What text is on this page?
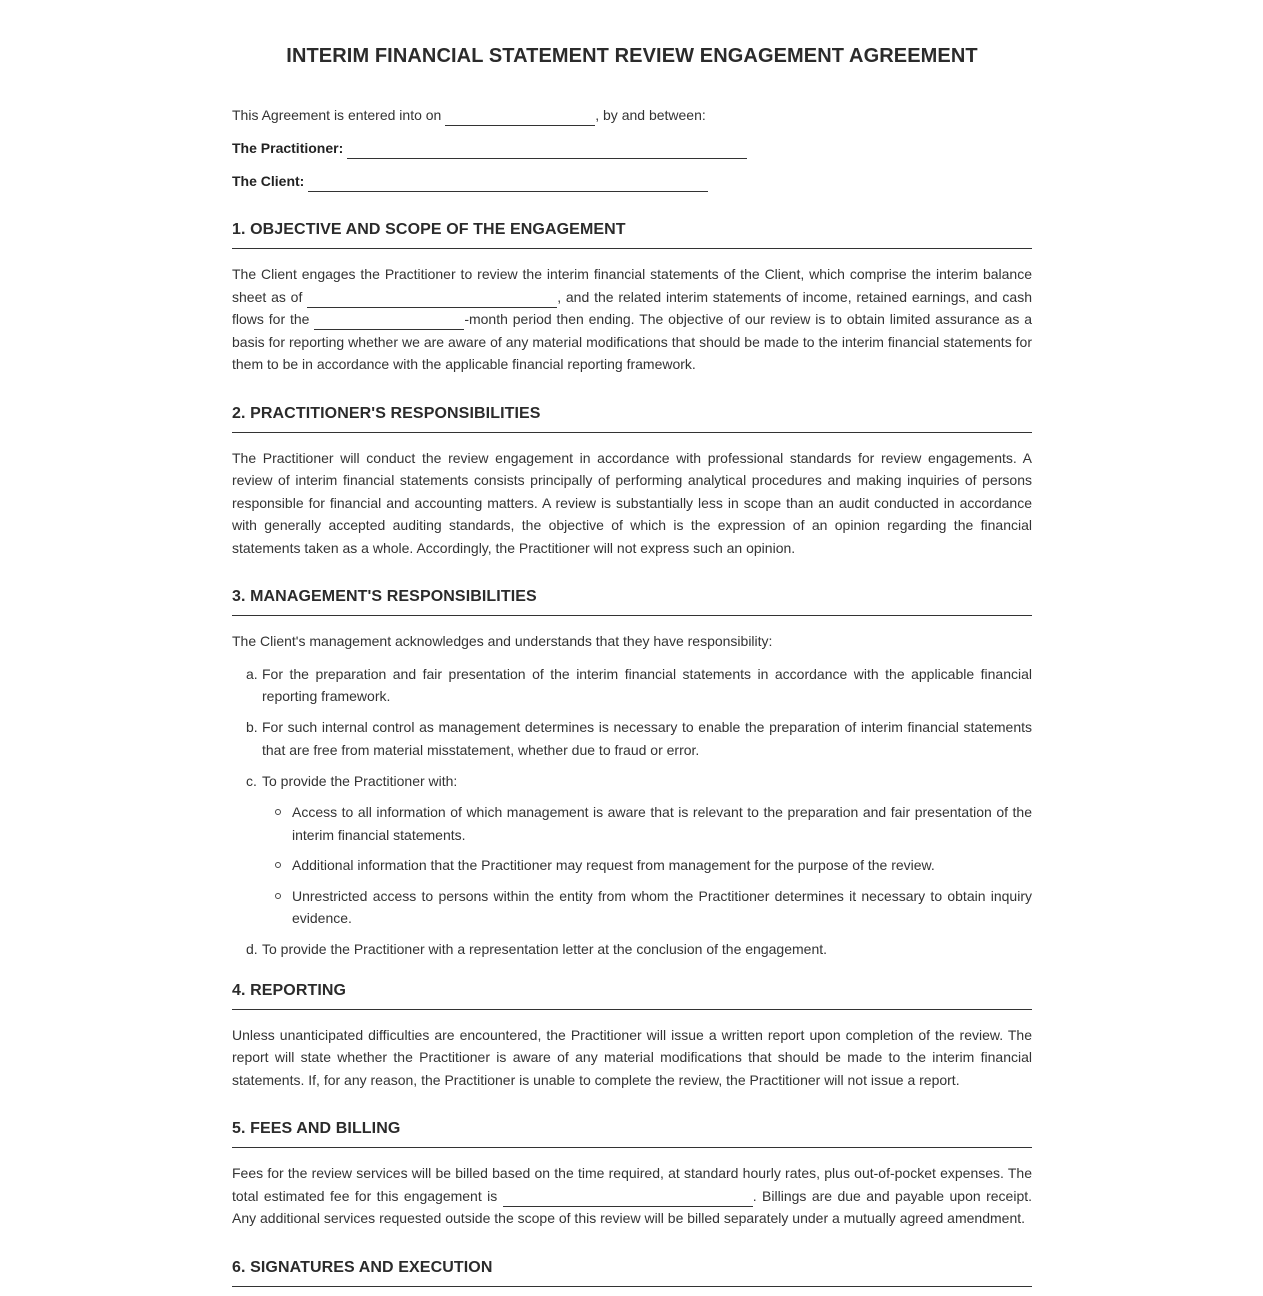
INTERIM FINANCIAL STATEMENT REVIEW ENGAGEMENT AGREEMENT
This Agreement is entered into on	, by and between:
The Practitioner:
The Client:
1. OBJECTIVE AND SCOPE OF THE ENGAGEMENT

The Client engages the Practitioner to review the interim financial statements of the Client, which comprise the interim balance sheet as of	, and the related interim statements of income, retained earnings, and cash flows for the	-month period then ending. The objective of our review is to obtain limited assurance as a basis for reporting whether we are aware of any material modifications that should be made to the interim financial statements for them to be in accordance with the applicable financial reporting framework.

2. PRACTITIONER'S RESPONSIBILITIES

The Practitioner will conduct the review engagement in accordance with professional standards for review engagements. A review of interim financial statements consists principally of performing analytical procedures and making inquiries of persons responsible for financial and accounting matters. A review is substantially less in scope than an audit conducted in accordance with generally accepted auditing standards, the objective of which is the expression of an opinion regarding the financial statements taken as a whole. Accordingly, the Practitioner will not express such an opinion.

3. MANAGEMENT'S RESPONSIBILITIES

The Client's management acknowledges and understands that they have responsibility:

a. For the preparation and fair presentation of the interim financial statements in accordance with the applicable financial reporting framework.
b. For such internal control as management determines is necessary to enable the preparation of interim financial statements that are free from material misstatement, whether due to fraud or error.
c. To provide the Practitioner with:
Access to all information of which management is aware that is relevant to the preparation and fair presentation of the interim financial statements.
Additional information that the Practitioner may request from management for the purpose of the review.
Unrestricted access to persons within the entity from whom the Practitioner determines it necessary to obtain inquiry evidence.
d. To provide the Practitioner with a representation letter at the conclusion of the engagement.
4. REPORTING

Unless unanticipated difficulties are encountered, the Practitioner will issue a written report upon completion of the review. The report will state whether the Practitioner is aware of any material modifications that should be made to the interim financial statements. If, for any reason, the Practitioner is unable to complete the review, the Practitioner will not issue a report.

5. FEES AND BILLING

Fees for the review services will be billed based on the time required, at standard hourly rates, plus out-of-pocket expenses. The total estimated fee for this engagement is	. Billings are due and payable upon receipt. Any additional services requested outside the scope of this review will be billed separately under a mutually agreed amendment.

6. SIGNATURES AND EXECUTION
